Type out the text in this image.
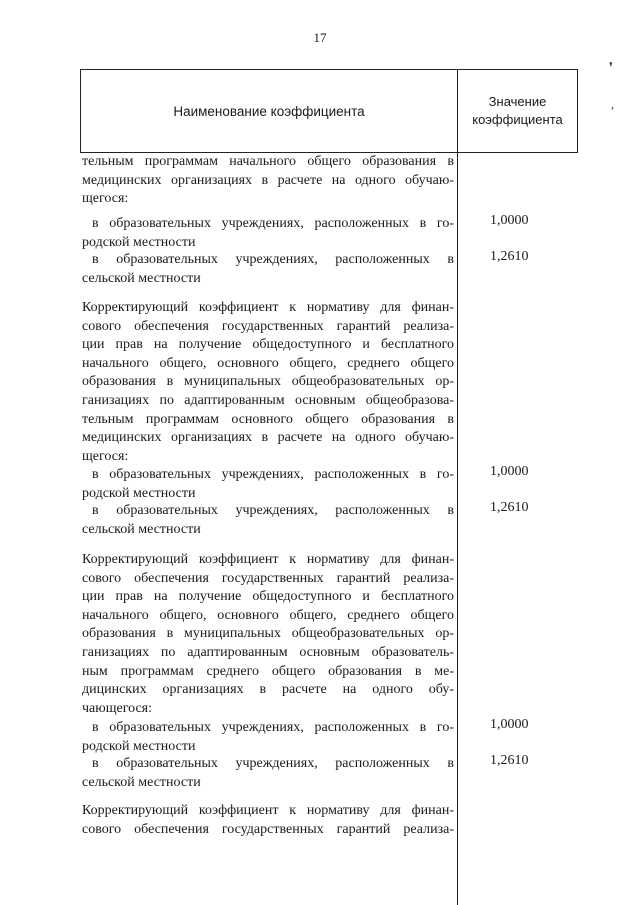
17
Наименование коэффициента
Значение
коэффициента
❜
,
тельным программам начального общего образования в
медицинских организациях в расчете на одного обучаю-
щегося:
в образовательных учреждениях, расположенных в го-
родской местности
1,0000
в образовательных учреждениях, расположенных в
сельской местности
1,2610
Корректирующий коэффициент к нормативу для финан-
сового обеспечения государственных гарантий реализа-
ции прав на получение общедоступного и бесплатного
начального общего, основного общего, среднего общего
образования в муниципальных общеобразовательных ор-
ганизациях по адаптированным основным общеобразова-
тельным программам основного общего образования в
медицинских организациях в расчете на одного обучаю-
щегося:
в образовательных учреждениях, расположенных в го-
родской местности
1,0000
в образовательных учреждениях, расположенных в
сельской местности
1,2610
Корректирующий коэффициент к нормативу для финан-
сового обеспечения государственных гарантий реализа-
ции прав на получение общедоступного и бесплатного
начального общего, основного общего, среднего общего
образования в муниципальных общеобразовательных ор-
ганизациях по адаптированным основным образователь-
ным программам среднего общего образования в ме-
дицинских организациях в расчете на одного обу-
чающегося:
в образовательных учреждениях, расположенных в го-
родской местности
1,0000
в образовательных учреждениях, расположенных в
сельской местности
1,2610
Корректирующий коэффициент к нормативу для финан-
сового обеспечения государственных гарантий реализа-
